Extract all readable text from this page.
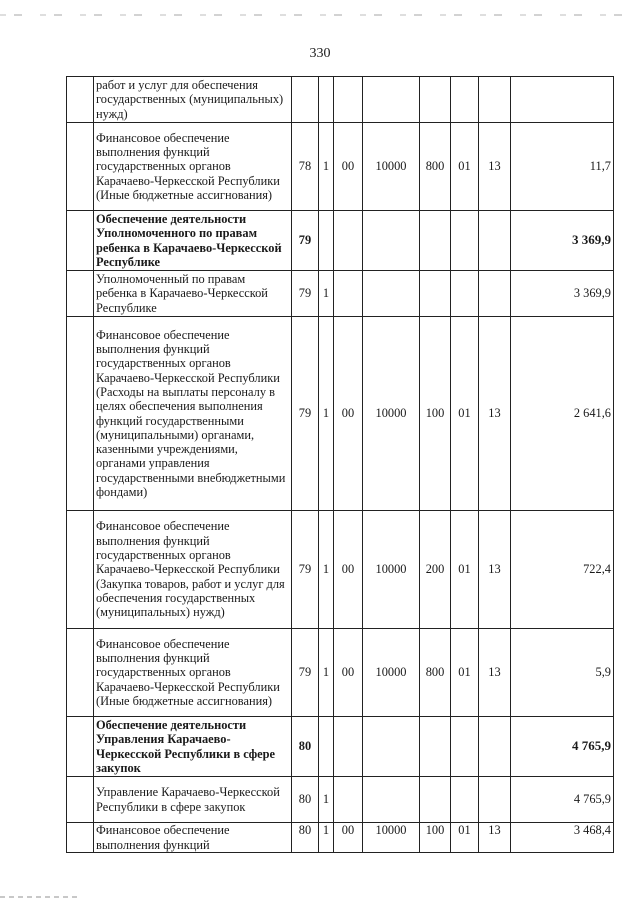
330
	работ и услуг для обеспечения государственных (муниципальных) нужд)								
	Финансовое обеспечение выполнения функций государственных органов Карачаево-Черкесской Республики (Иные бюджетные ассигнования)	78	1	00	10000	800	01	13	11,7
	Обеспечение деятельности Уполномоченного по правам ребенка в Карачаево-Черкесской Республике	79							3 369,9
	Уполномоченный по правам ребенка в Карачаево-Черкесской Республике	79	1						3 369,9
	Финансовое обеспечение выполнения функций государственных органов Карачаево-Черкесской Республики (Расходы на выплаты персоналу в целях обеспечения выполнения функций государственными (муниципальными) органами, казенными учреждениями, органами управления государственными внебюджетными фондами)	79	1	00	10000	100	01	13	2 641,6
	Финансовое обеспечение выполнения функций государственных органов Карачаево-Черкесской Республики (Закупка товаров, работ и услуг для обеспечения государственных (муниципальных) нужд)	79	1	00	10000	200	01	13	722,4
	Финансовое обеспечение выполнения функций государственных органов Карачаево-Черкесской Республики (Иные бюджетные ассигнования)	79	1	00	10000	800	01	13	5,9
	Обеспечение деятельности Управления Карачаево-Черкесской Республики в сфере закупок	80							4 765,9
	Управление Карачаево-Черкесской Республики в сфере закупок	80	1						4 765,9
	Финансовое обеспечение выполнения функций	80	1	00	10000	100	01	13	3 468,4
